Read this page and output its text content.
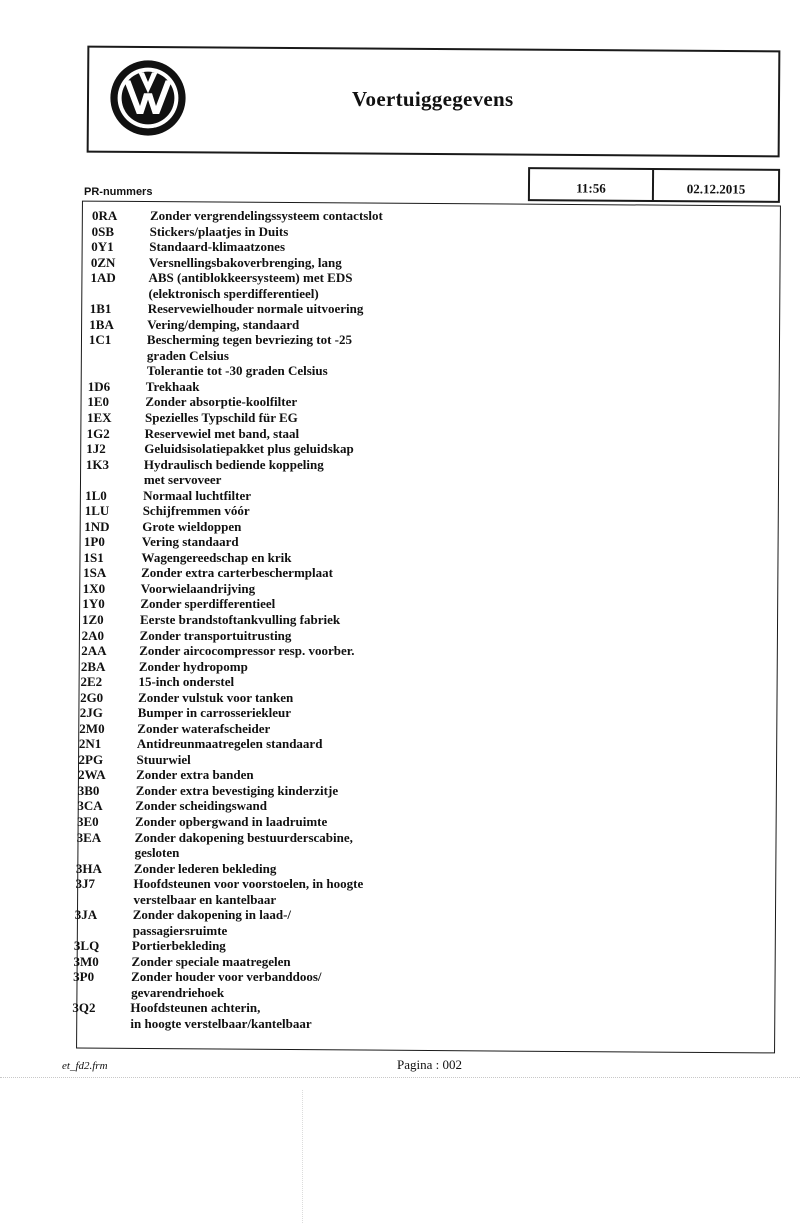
Voertuiggegevens
PR-nummers	11:56	02.12.2015
0RA	Zonder vergrendelingssysteem contactslot
0SB	Stickers/plaatjes in Duits
0Y1	Standaard-klimaatzones
0ZN	Versnellingsbakoverbrenging, lang
1AD	ABS (antiblokkeersysteem) met EDS
(elektronisch sperdifferentieel)
1B1	Reservewielhouder normale uitvoering
1BA	Vering/demping, standaard
1C1	Bescherming tegen bevriezing tot -25
graden Celsius
Tolerantie tot -30 graden Celsius
1D6	Trekhaak
1E0	Zonder absorptie-koolfilter
1EX	Spezielles Typschild für EG
1G2	Reservewiel met band, staal
1J2	Geluidsisolatiepakket plus geluidskap
1K3	Hydraulisch bediende koppeling
met servoveer
1L0	Normaal luchtfilter
1LU	Schijfremmen vóór
1ND	Grote wieldoppen
1P0	Vering standaard
1S1	Wagengereedschap en krik
1SA	Zonder extra carterbeschermplaat
1X0	Voorwielaandrijving
1Y0	Zonder sperdifferentieel
1Z0	Eerste brandstoftankvulling fabriek
2A0	Zonder transportuitrusting
2AA	Zonder aircocompressor resp. voorber.
2BA	Zonder hydropomp
2E2	15-inch onderstel
2G0	Zonder vulstuk voor tanken
2JG	Bumper in carrosseriekleur
2M0	Zonder waterafscheider
2N1	Antidreunmaatregelen standaard
2PG	Stuurwiel
2WA Zonder extra banden
3B0	Zonder extra bevestiging kinderzitje
3CA	Zonder scheidingswand
3E0	Zonder opbergwand in laadruimte
3EA	Zonder dakopening bestuurderscabine,
gesloten
3HA Zonder lederen bekleding
3J7	Hoofdsteunen voor voorstoelen, in hoogte
verstelbaar en kantelbaar
3JA	Zonder dakopening in laad-/
passagiersruimte
3LQ	Portierbekleding
3M0	Zonder speciale maatregelen
3P0	Zonder houder voor verbanddoos/
gevarendriehoek
3Q2	Hoofdsteunen achterin,
in hoogte verstelbaar/kantelbaar
et_fd2.frm	Pagina : 002
